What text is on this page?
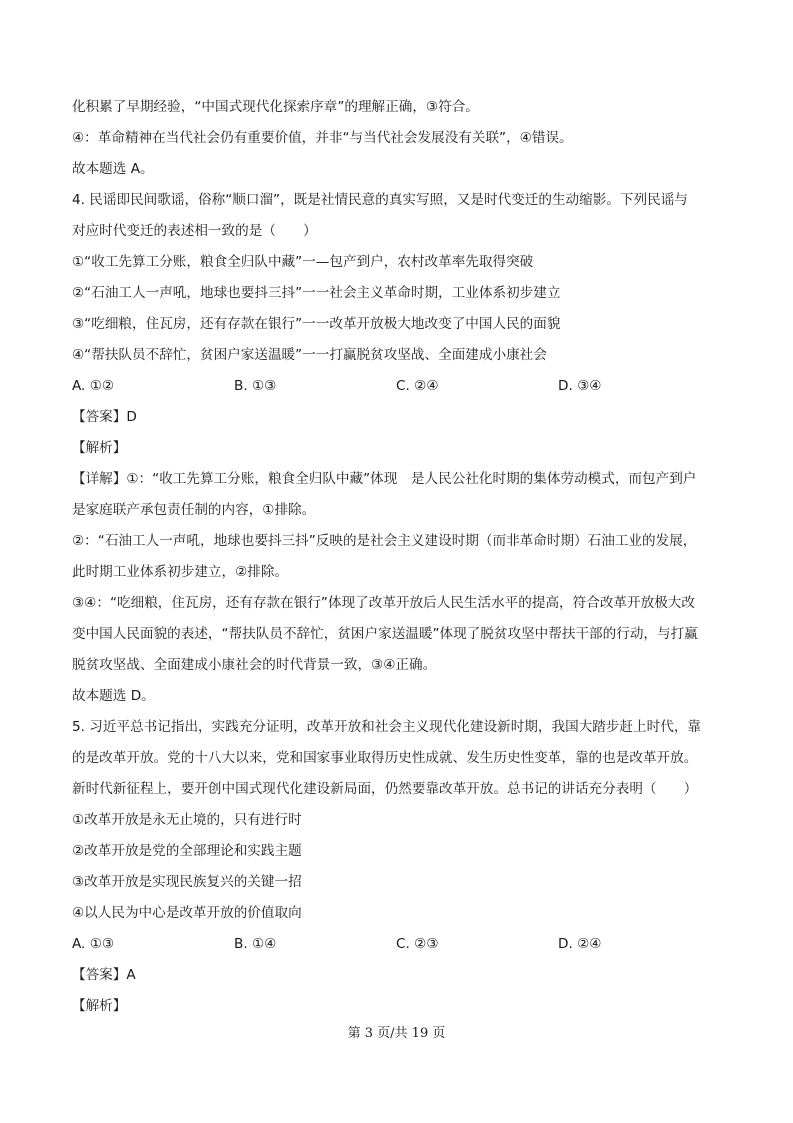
化积累了早期经验，“中国式现代化探索序章”的理解正确，③符合。
④：革命精神在当代社会仍有重要价值，并非“与当代社会发展没有关联”，④错误。
故本题选 A。
4. 民谣即民间歌谣，俗称“顺口溜”，既是社情民意的真实写照，又是时代变迁的生动缩影。下列民谣与
对应时代变迁的表述相一致的是（　　）
①“收工先算工分账，粮食全归队中藏”一—包产到户，农村改革率先取得突破
②“石油工人一声吼，地球也要抖三抖”一一社会主义革命时期，工业体系初步建立
③“吃细粮，住瓦房，还有存款在银行”一一改革开放极大地改变了中国人民的面貌
④“帮扶队员不辞忙，贫困户家送温暖”一一打赢脱贫攻坚战、全面建成小康社会
A. ①②	B. ①③	C. ②④	D. ③④
【答案】D
【解析】
【详解】①：“收工先算工分账，粮食全归队中藏”体现　是人民公社化时期的集体劳动模式，而包产到户
是家庭联产承包责任制的内容，①排除。
②：“石油工人一声吼，地球也要抖三抖”反映的是社会主义建设时期（而非革命时期）石油工业的发展，
此时期工业体系初步建立，②排除。
③④：“吃细粮，住瓦房，还有存款在银行”体现了改革开放后人民生活水平的提高，符合改革开放极大改
变中国人民面貌的表述，“帮扶队员不辞忙，贫困户家送温暖”体现了脱贫攻坚中帮扶干部的行动，与打赢
脱贫攻坚战、全面建成小康社会的时代背景一致，③④正确。
故本题选 D。
5. 习近平总书记指出，实践充分证明，改革开放和社会主义现代化建设新时期，我国大踏步赶上时代，靠
的是改革开放。党的十八大以来，党和国家事业取得历史性成就、发生历史性变革，靠的也是改革开放。
新时代新征程上，要开创中国式现代化建设新局面，仍然要靠改革开放。总书记的讲话充分表明（　　）
①改革开放是永无止境的，只有进行时
②改革开放是党的全部理论和实践主题
③改革开放是实现民族复兴的关键一招
④以人民为中心是改革开放的价值取向
A. ①③	B. ①④	C. ②③	D. ②④
【答案】A
【解析】
第 3 页/共 19 页
